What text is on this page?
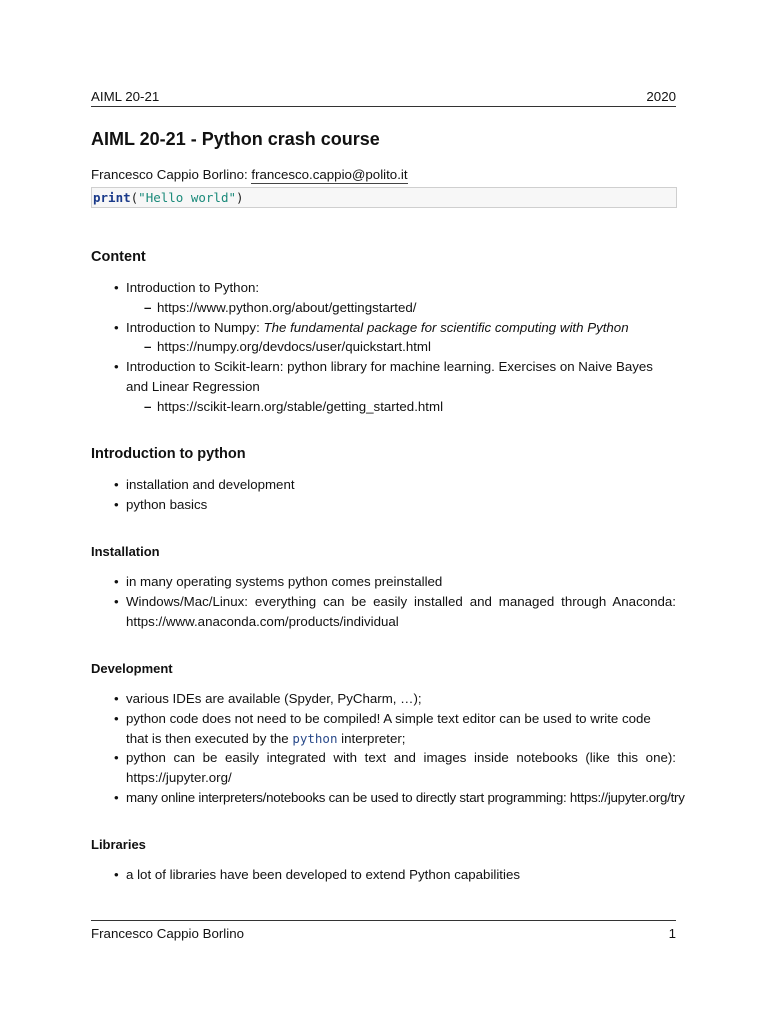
AIML 20-21	2020
AIML 20-21 - Python crash course
Francesco Cappio Borlino: francesco.cappio@polito.it
print("Hello world")
Content
• Introduction to Python:
– https://www.python.org/about/gettingstarted/
• Introduction to Numpy: The fundamental package for scientific computing with Python
– https://numpy.org/devdocs/user/quickstart.html
• Introduction to Scikit-learn: python library for machine learning. Exercises on Naive Bayes and Linear Regression
– https://scikit-learn.org/stable/getting_started.html
Introduction to python
• installation and development
• python basics
Installation
• in many operating systems python comes preinstalled
• Windows/Mac/Linux: everything can be easily installed and managed through Anaconda: https://www.anaconda.com/products/individual
Development
• various IDEs are available (Spyder, PyCharm, …);
• python code does not need to be compiled! A simple text editor can be used to write code that is then executed by the python interpreter;
• python can be easily integrated with text and images inside notebooks (like this one): https://jupyter.org/
• many online interpreters/notebooks can be used to directly start programming: https://jupyter.org/try
Libraries
• a lot of libraries have been developed to extend Python capabilities
Francesco Cappio Borlino	1
